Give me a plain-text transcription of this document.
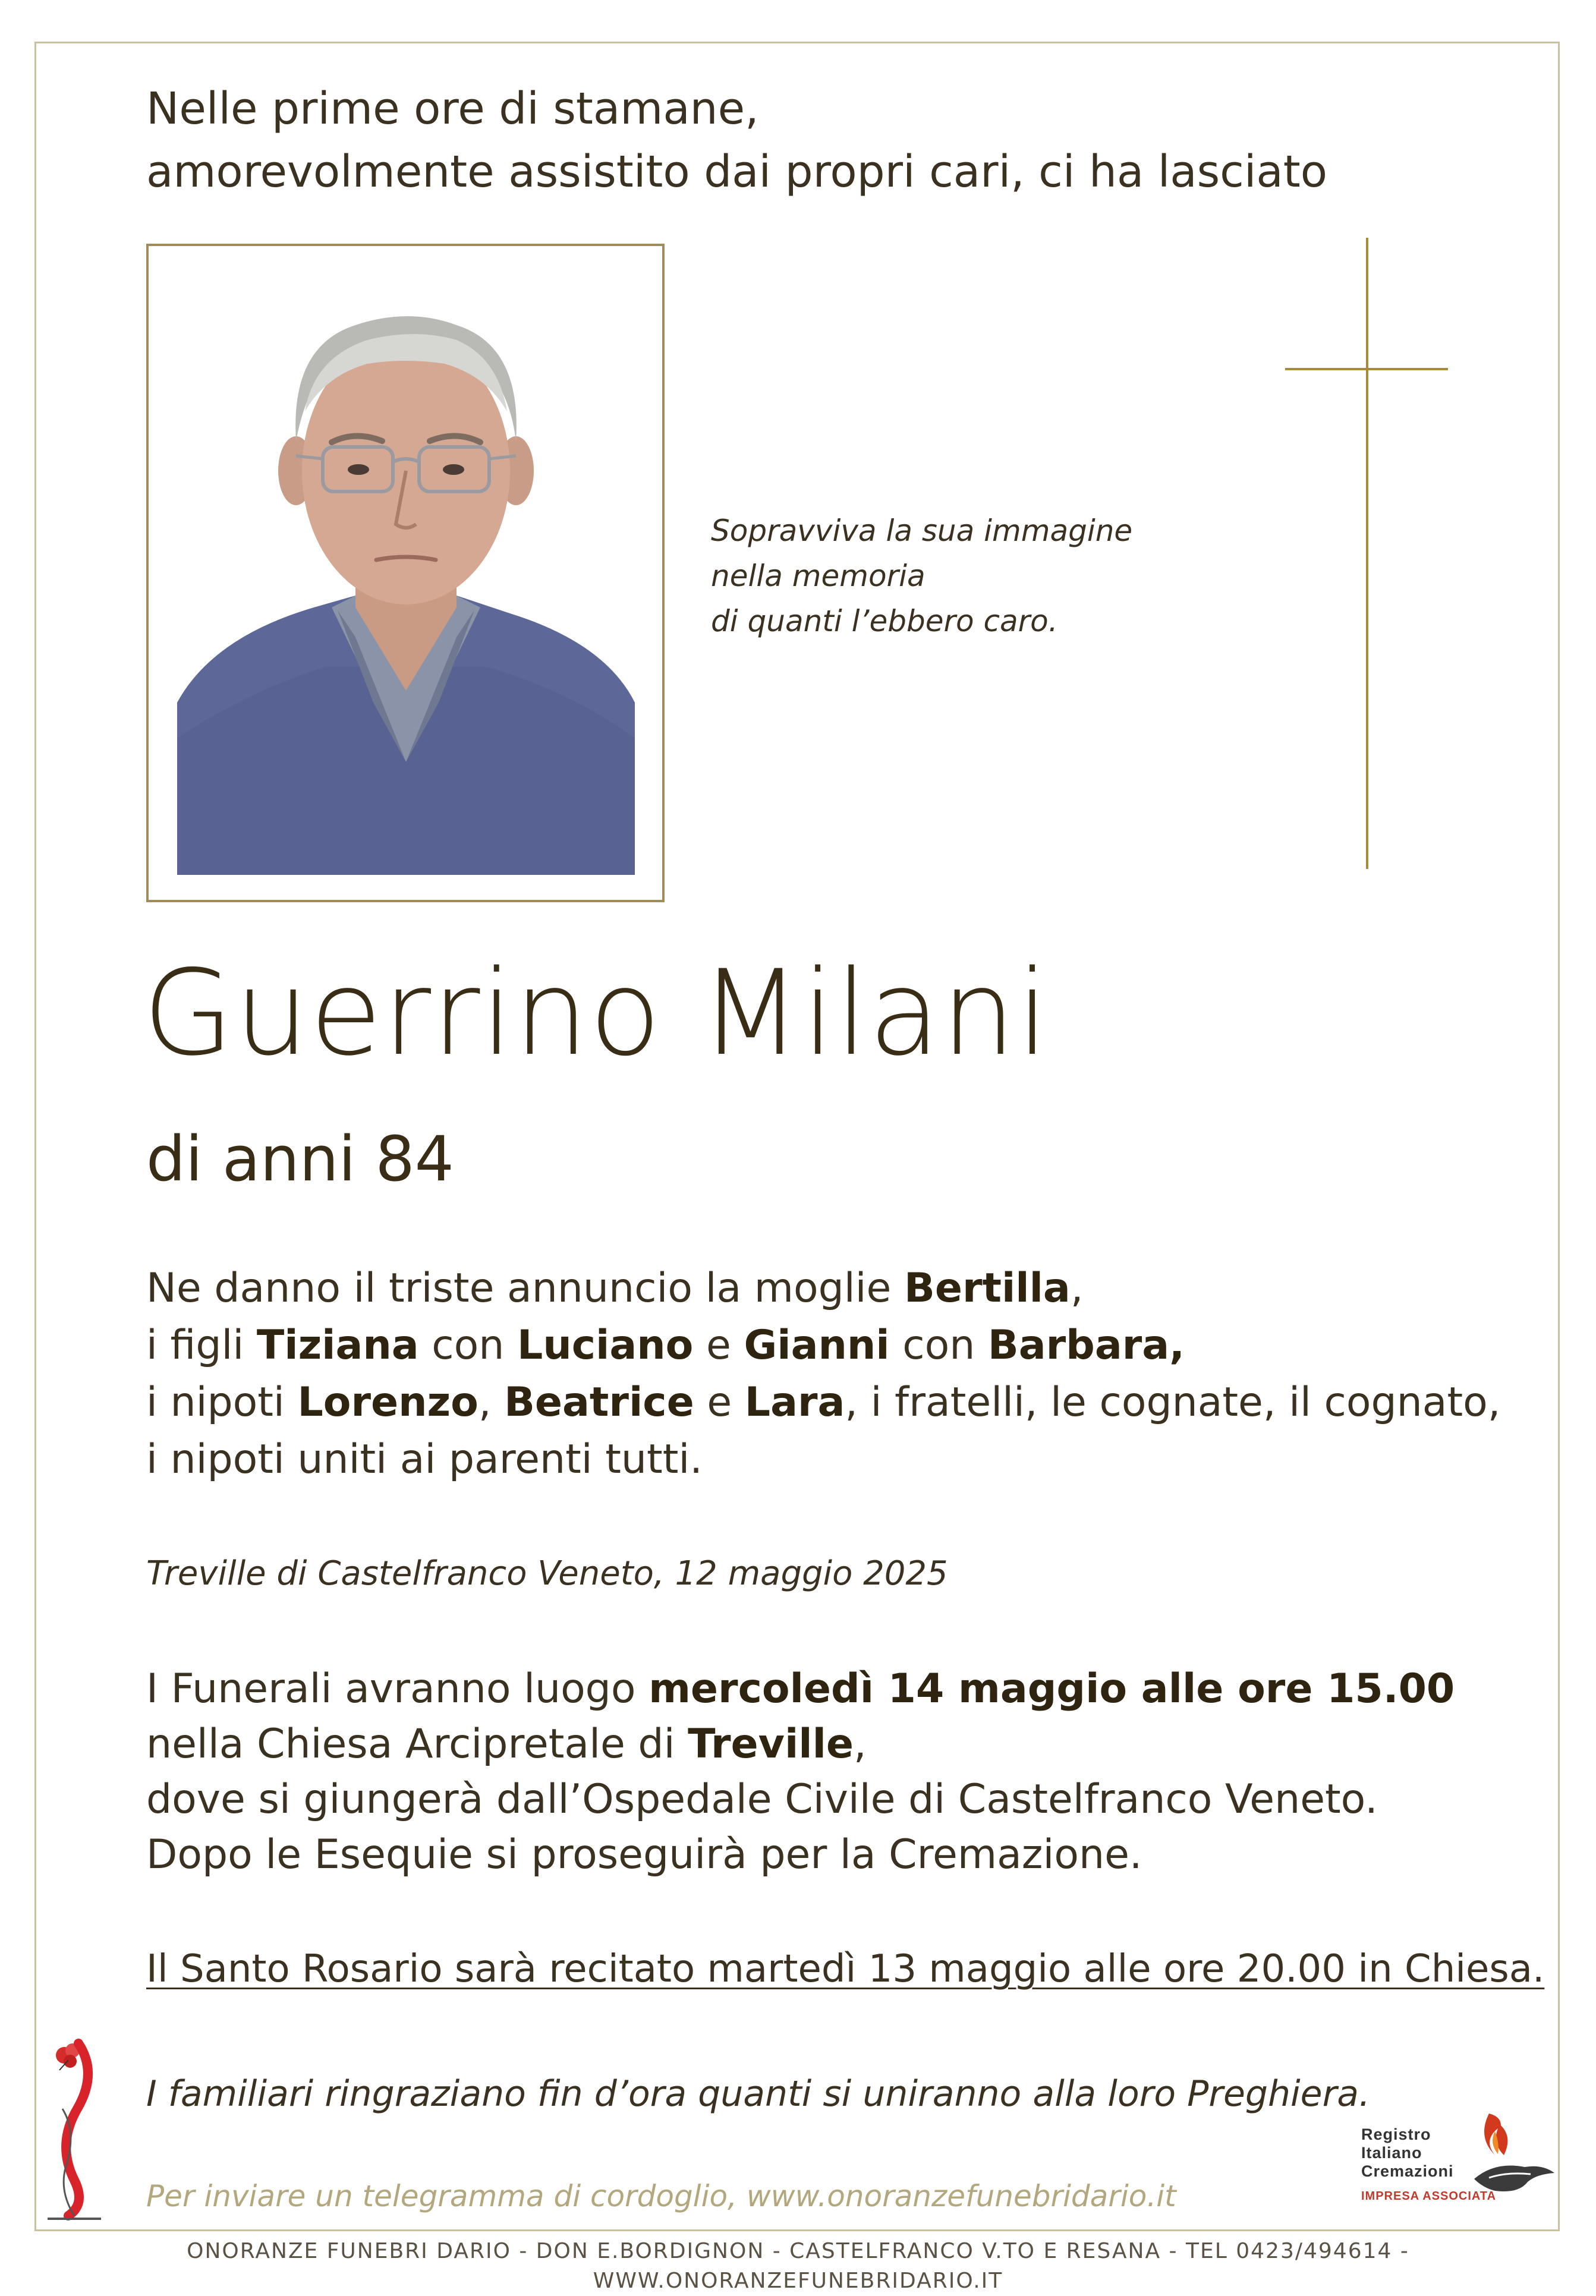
Nelle prime ore di stamane,
amorevolmente assistito dai propri cari, ci ha lasciato
Sopravviva la sua immagine
nella memoria
di quanti l’ebbero caro.
Guerrino Milani
di anni 84
Ne danno il triste annuncio la moglie Bertilla,
i figli Tiziana con Luciano e Gianni con Barbara,
i nipoti Lorenzo, Beatrice e Lara, i fratelli, le cognate, il cognato,
i nipoti uniti ai parenti tutti.
Treville di Castelfranco Veneto, 12 maggio 2025
I Funerali avranno luogo mercoledì 14 maggio alle ore 15.00
nella Chiesa Arcipretale di Treville,
dove si giungerà dall’Ospedale Civile di Castelfranco Veneto.
Dopo le Esequie si proseguirà per la Cremazione.
Il Santo Rosario sarà recitato martedì 13 maggio alle ore 20.00 in Chiesa.
I familiari ringraziano fin d’ora quanti si uniranno alla loro Preghiera.
Per inviare un telegramma di cordoglio, www.onoranzefunebridario.it
Registro
Italiano
Cremazioni
IMPRESA ASSOCIATA
ONORANZE FUNEBRI DARIO - DON E.BORDIGNON - CASTELFRANCO V.TO E RESANA - TEL 0423/494614 - WWW.ONORANZEFUNEBRIDARIO.IT
